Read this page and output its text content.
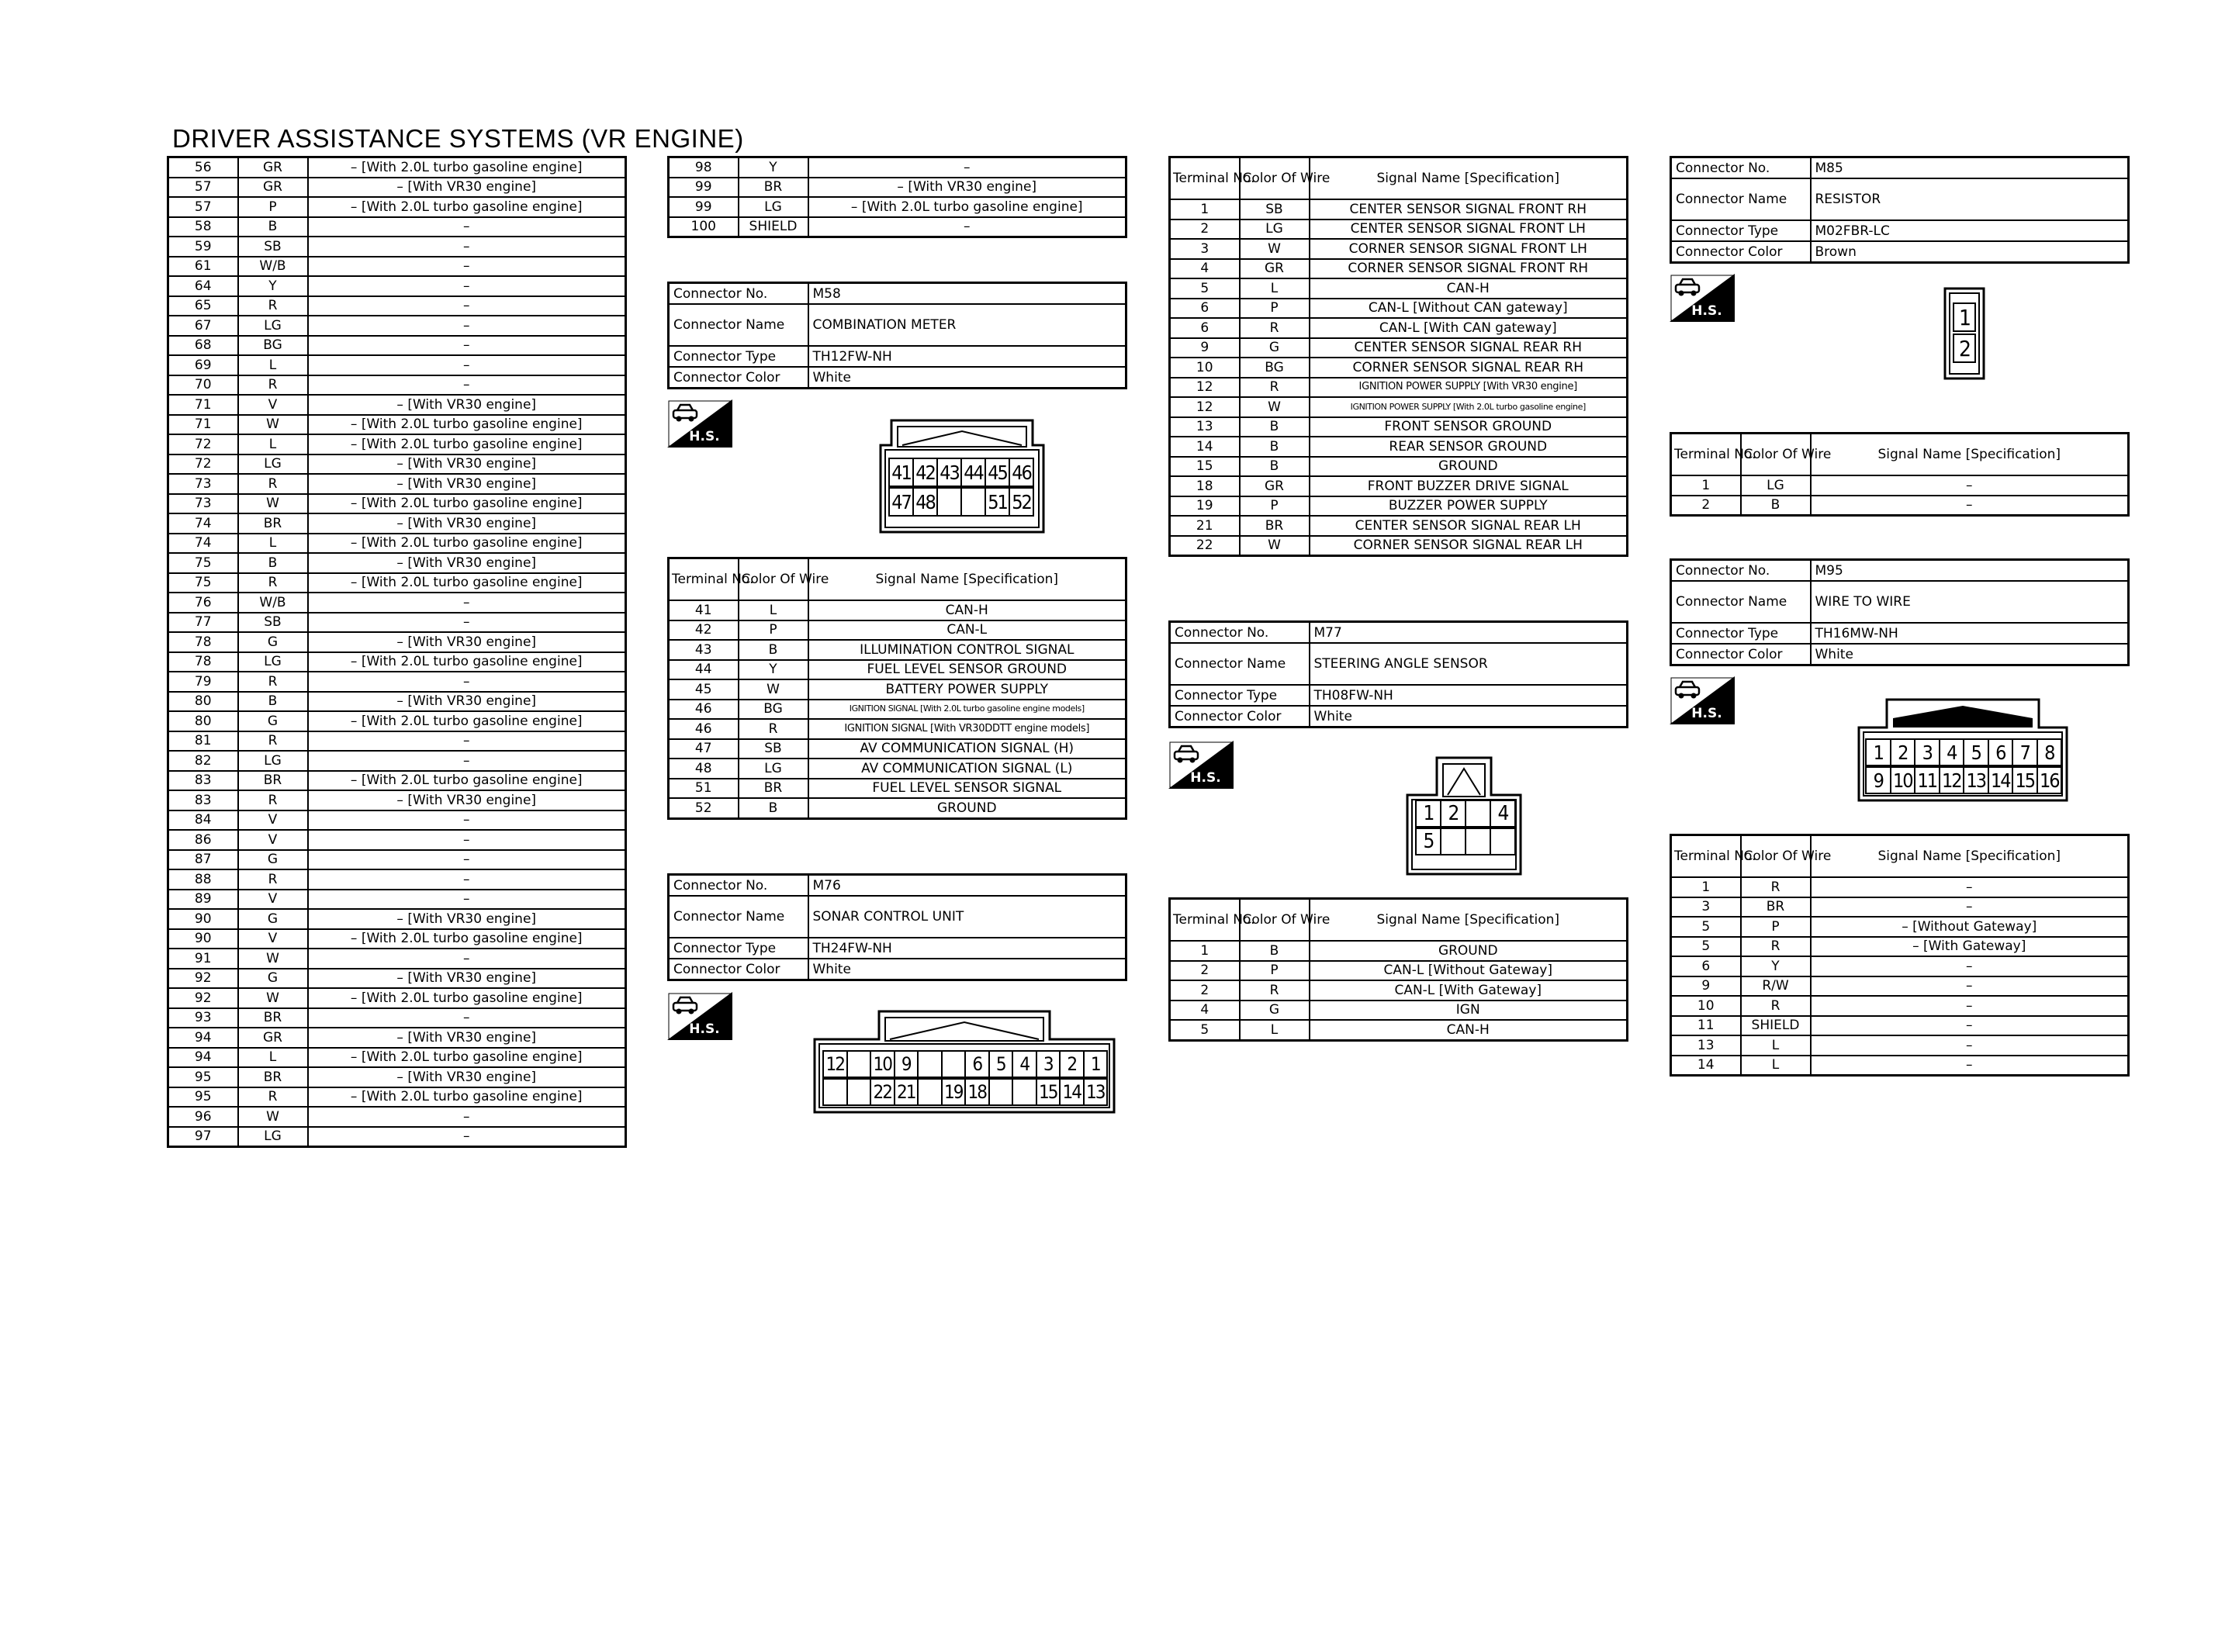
DRIVER ASSISTANCE SYSTEMS (VR ENGINE)
56	GR	– [With 2.0L turbo gasoline engine]
57	GR	– [With VR30 engine]
57	P	– [With 2.0L turbo gasoline engine]
58	B	–
59	SB	–
61	W/B	–
64	Y	–
65	R	–
67	LG	–
68	BG	–
69	L	–
70	R	–
71	V	– [With VR30 engine]
71	W	– [With 2.0L turbo gasoline engine]
72	L	– [With 2.0L turbo gasoline engine]
72	LG	– [With VR30 engine]
73	R	– [With VR30 engine]
73	W	– [With 2.0L turbo gasoline engine]
74	BR	– [With VR30 engine]
74	L	– [With 2.0L turbo gasoline engine]
75	B	– [With VR30 engine]
75	R	– [With 2.0L turbo gasoline engine]
76	W/B	–
77	SB	–
78	G	– [With VR30 engine]
78	LG	– [With 2.0L turbo gasoline engine]
79	R	–
80	B	– [With VR30 engine]
80	G	– [With 2.0L turbo gasoline engine]
81	R	–
82	LG	–
83	BR	– [With 2.0L turbo gasoline engine]
83	R	– [With VR30 engine]
84	V	–
86	V	–
87	G	–
88	R	–
89	V	–
90	G	– [With VR30 engine]
90	V	– [With 2.0L turbo gasoline engine]
91	W	–
92	G	– [With VR30 engine]
92	W	– [With 2.0L turbo gasoline engine]
93	BR	–
94	GR	– [With VR30 engine]
94	L	– [With 2.0L turbo gasoline engine]
95	BR	– [With VR30 engine]
95	R	– [With 2.0L turbo gasoline engine]
96	W	–
97	LG	–
98	Y	–
99	BR	– [With VR30 engine]
99	LG	– [With 2.0L turbo gasoline engine]
100	SHIELD	–
Connector No.	M58
Connector Name	COMBINATION METER
Connector Type	TH12FW-NH
Connector Color	White
H.S.
41 42 43 44 45 46
47 48	51 52
Terminal No.	Color Of Wire	Signal Name [Specification]
41	L	CAN-H
42	P	CAN-L
43	B	ILLUMINATION CONTROL SIGNAL
44	Y	FUEL LEVEL SENSOR GROUND
45	W	BATTERY POWER SUPPLY
46	BG	IGNITION SIGNAL [With 2.0L turbo gasoline engine models]
46	R	IGNITION SIGNAL [With VR30DDTT engine models]
47	SB	AV COMMUNICATION SIGNAL (H)
48	LG	AV COMMUNICATION SIGNAL (L)
51	BR	FUEL LEVEL SENSOR SIGNAL
52	B	GROUND
Connector No.	M76
Connector Name	SONAR CONTROL UNIT
Connector Type	TH24FW-NH
Connector Color	White
H.S.
12 10 9	6 5 4 3 2 1
22 21 19 18	15 14 13
Terminal No.	Color Of Wire	Signal Name [Specification]
1	SB	CENTER SENSOR SIGNAL FRONT RH
2	LG	CENTER SENSOR SIGNAL FRONT LH
3	W	CORNER SENSOR SIGNAL FRONT LH
4	GR	CORNER SENSOR SIGNAL FRONT RH
5	L	CAN-H
6	P	CAN-L [Without CAN gateway]
6	R	CAN-L [With CAN gateway]
9	G	CENTER SENSOR SIGNAL REAR RH
10	BG	CORNER SENSOR SIGNAL REAR RH
12	R	IGNITION POWER SUPPLY [With VR30 engine]
12	W	IGNITION POWER SUPPLY [With 2.0L turbo gasoline engine]
13	B	FRONT SENSOR GROUND
14	B	REAR SENSOR GROUND
15	B	GROUND
18	GR	FRONT BUZZER DRIVE SIGNAL
19	P	BUZZER POWER SUPPLY
21	BR	CENTER SENSOR SIGNAL REAR LH
22	W	CORNER SENSOR SIGNAL REAR LH
Connector No.	M77
Connector Name	STEERING ANGLE SENSOR
Connector Type	TH08FW-NH
Connector Color	White
H.S.
1 2	4
5
Terminal No.	Color Of Wire	Signal Name [Specification]
1	B	GROUND
2	P	CAN-L [Without Gateway]
2	R	CAN-L [With Gateway]
4	G	IGN
5	L	CAN-H
Connector No.	M85
Connector Name	RESISTOR
Connector Type	M02FBR-LC
Connector Color	Brown
H.S.	1
2
Terminal No.	Color Of Wire	Signal Name [Specification]
1	LG	–
2	B	–
Connector No.	M95
Connector Name	WIRE TO WIRE
Connector Type	TH16MW-NH
Connector Color	White
H.S.
1 2 3 4 5 6 7 8
9 10 11 12 13 14 15 16
Terminal No.	Color Of Wire	Signal Name [Specification]
1	R	–
3	BR	–
5	P	– [Without Gateway]
5	R	– [With Gateway]
6	Y	–
9	R/W	–
10	R	–
11	SHIELD	–
13	L	–
14	L	–
